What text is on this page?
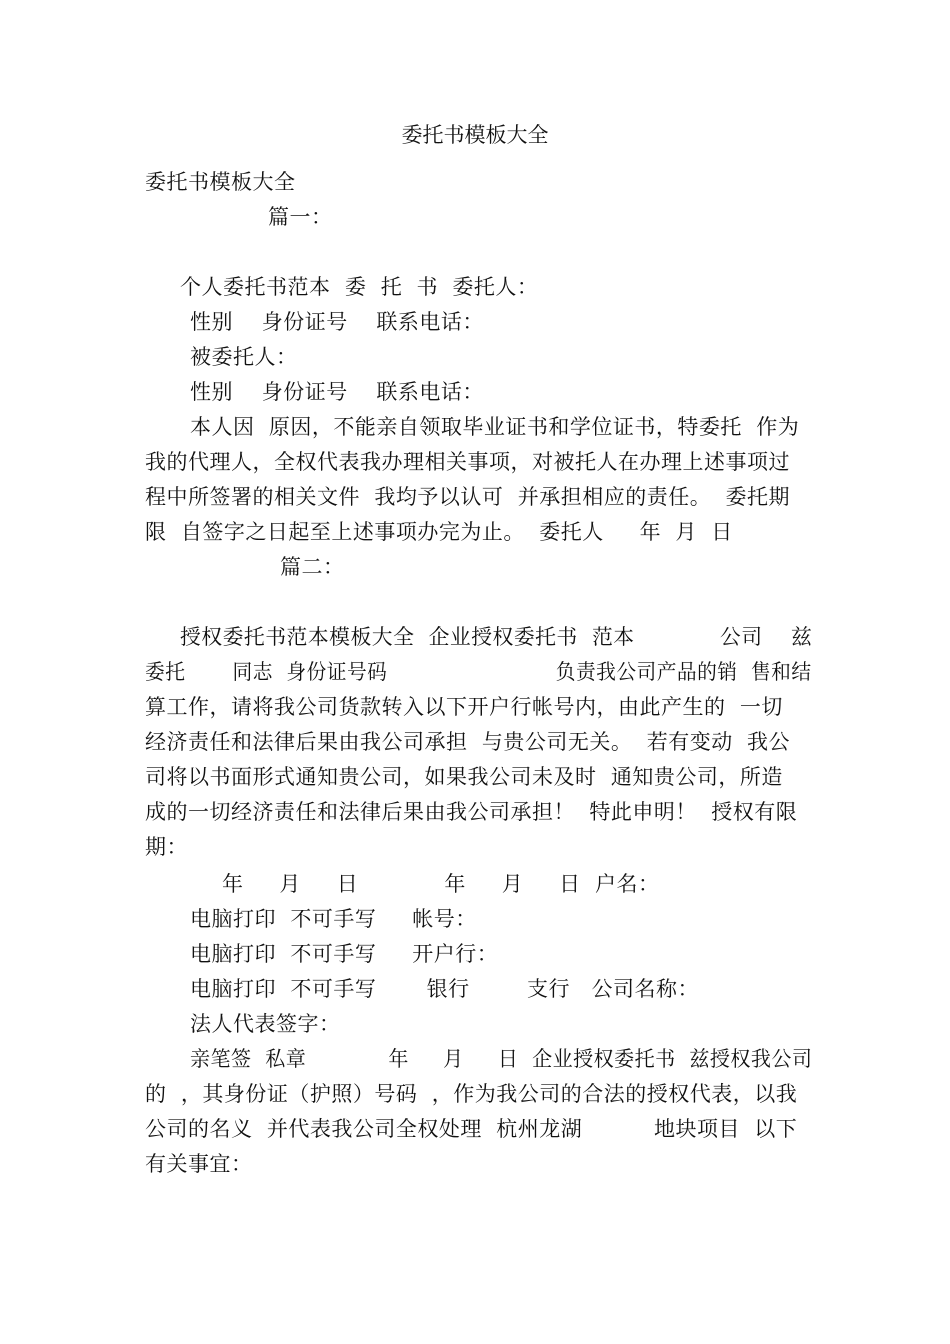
委托书模板大全
委托书模板大全
篇一：
个人委托书范本  委  托  书  委托人：
性别    身份证号    联系电话：
被委托人：
性别    身份证号    联系电话：
本人因  原因，不能亲自领取毕业证书和学位证书，特委托  作为
我的代理人，全权代表我办理相关事项，对被托人在办理上述事项过
程中所签署的相关文件  我均予以认可  并承担相应的责任。  委托期
限  自签字之日起至上述事项办完为止。  委托人     年  月  日
篇二：
授权委托书范本模板大全  企业授权委托书  范本            公司    兹
委托       同志  身份证号码                         负责我公司产品的销  售和结
算工作，请将我公司货款转入以下开户行帐号内，由此产生的  一切
经济责任和法律后果由我公司承担  与贵公司无关。  若有变动  我公
司将以书面形式通知贵公司，如果我公司未及时  通知贵公司，所造
成的一切经济责任和法律后果由我公司承担！  特此申明！  授权有限
期：
年     月     日            年     月     日  户名：
电脑打印  不可手写     帐号：
电脑打印  不可手写     开户行：
电脑打印  不可手写       银行        支行   公司名称：
法人代表签字：
亲笔签  私章            年     月     日  企业授权委托书  兹授权我公司
的  ，其身份证（护照）号码  ，作为我公司的合法的授权代表，以我
公司的名义  并代表我公司全权处理  杭州龙湖          地块项目  以下
有关事宜：
